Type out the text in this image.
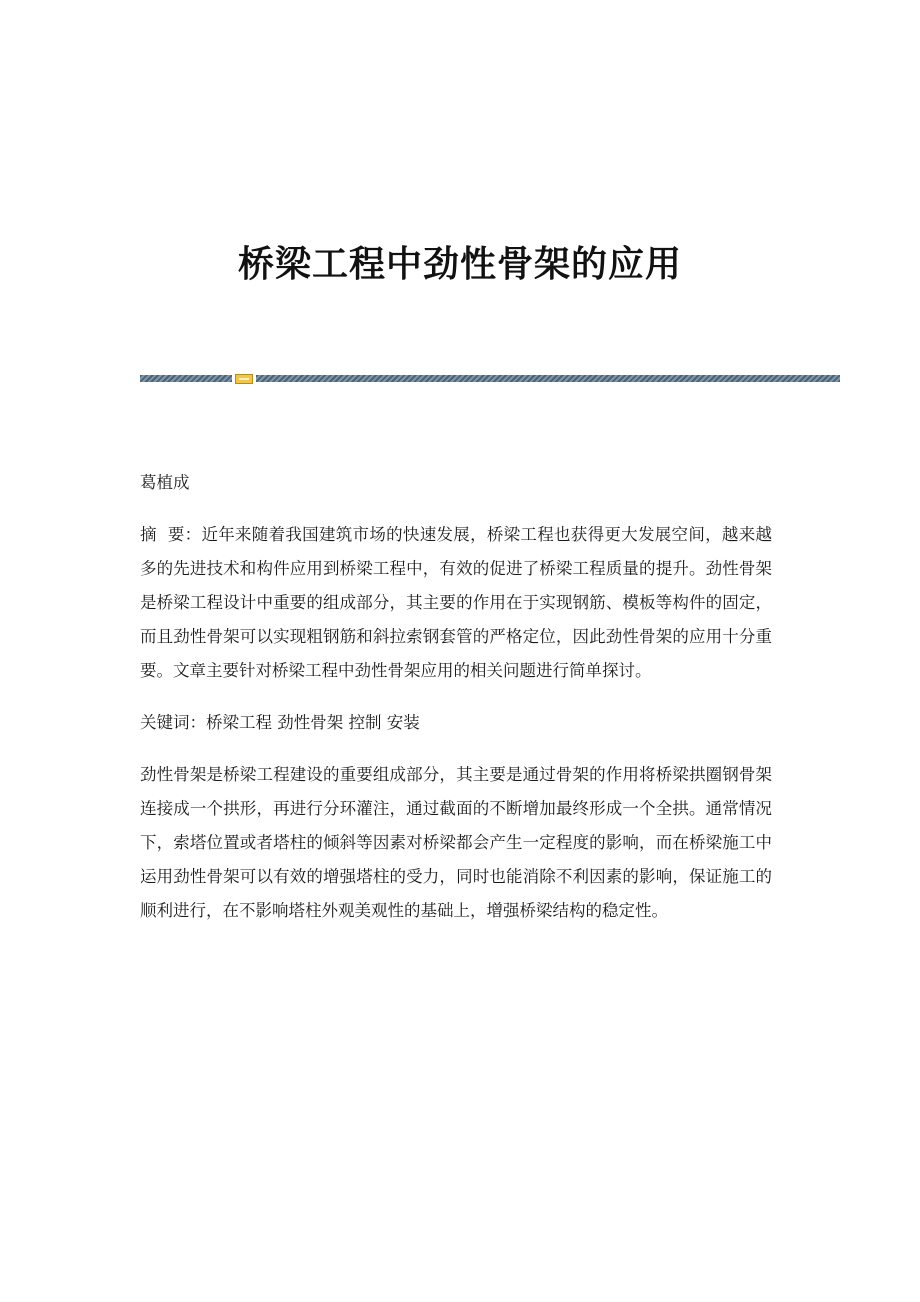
桥梁工程中劲性骨架的应用

葛植成

摘  要：近年来随着我国建筑市场的快速发展，桥梁工程也获得更大发展空间，越来越多的先进技术和构件应用到桥梁工程中，有效的促进了桥梁工程质量的提升。劲性骨架是桥梁工程设计中重要的组成部分，其主要的作用在于实现钢筋、模板等构件的固定，而且劲性骨架可以实现粗钢筋和斜拉索钢套管的严格定位，因此劲性骨架的应用十分重要。文章主要针对桥梁工程中劲性骨架应用的相关问题进行简单探讨。

关键词：桥梁工程 劲性骨架 控制 安装

劲性骨架是桥梁工程建设的重要组成部分，其主要是通过骨架的作用将桥梁拱圈钢骨架连接成一个拱形，再进行分环灌注，通过截面的不断增加最终形成一个全拱。通常情况下，索塔位置或者塔柱的倾斜等因素对桥梁都会产生一定程度的影响，而在桥梁施工中运用劲性骨架可以有效的增强塔柱的受力，同时也能消除不利因素的影响，保证施工的顺利进行，在不影响塔柱外观美观性的基础上，增强桥梁结构的稳定性。
